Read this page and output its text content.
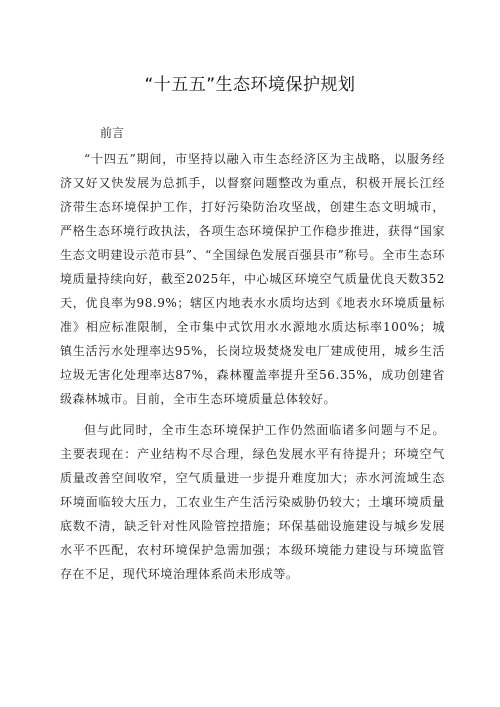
“十五五”生态环境保护规划
前言

“十四五”期间，市坚持以融入市生态经济区为主战略，以服务经济又好又快发展为总抓手，以督察问题整改为重点，积极开展长江经济带生态环境保护工作，打好污染防治攻坚战，创建生态文明城市，严格生态环境行政执法，各项生态环境保护工作稳步推进，获得“国家生态文明建设示范市县”、“全国绿色发展百强县市”称号。全市生态环境质量持续向好，截至2025年，中心城区环境空气质量优良天数352天，优良率为98.9%；辖区内地表水水质均达到《地表水环境质量标准》相应标准限制，全市集中式饮用水水源地水质达标率100%；城镇生活污水处理率达95%，长岗垃圾焚烧发电厂建成使用，城乡生活垃圾无害化处理率达87%，森林覆盖率提升至56.35%，成功创建省级森林城市。目前，全市生态环境质量总体较好。

但与此同时，全市生态环境保护工作仍然面临诸多问题与不足。主要表现在：产业结构不尽合理，绿色发展水平有待提升；环境空气质量改善空间收窄，空气质量进一步提升难度加大；赤水河流域生态环境面临较大压力，工农业生产生活污染威胁仍较大；土壤环境质量底数不清，缺乏针对性风险管控措施；环保基础设施建设与城乡发展水平不匹配，农村环境保护急需加强；本级环境能力建设与环境监管存在不足，现代环境治理体系尚未形成等。
